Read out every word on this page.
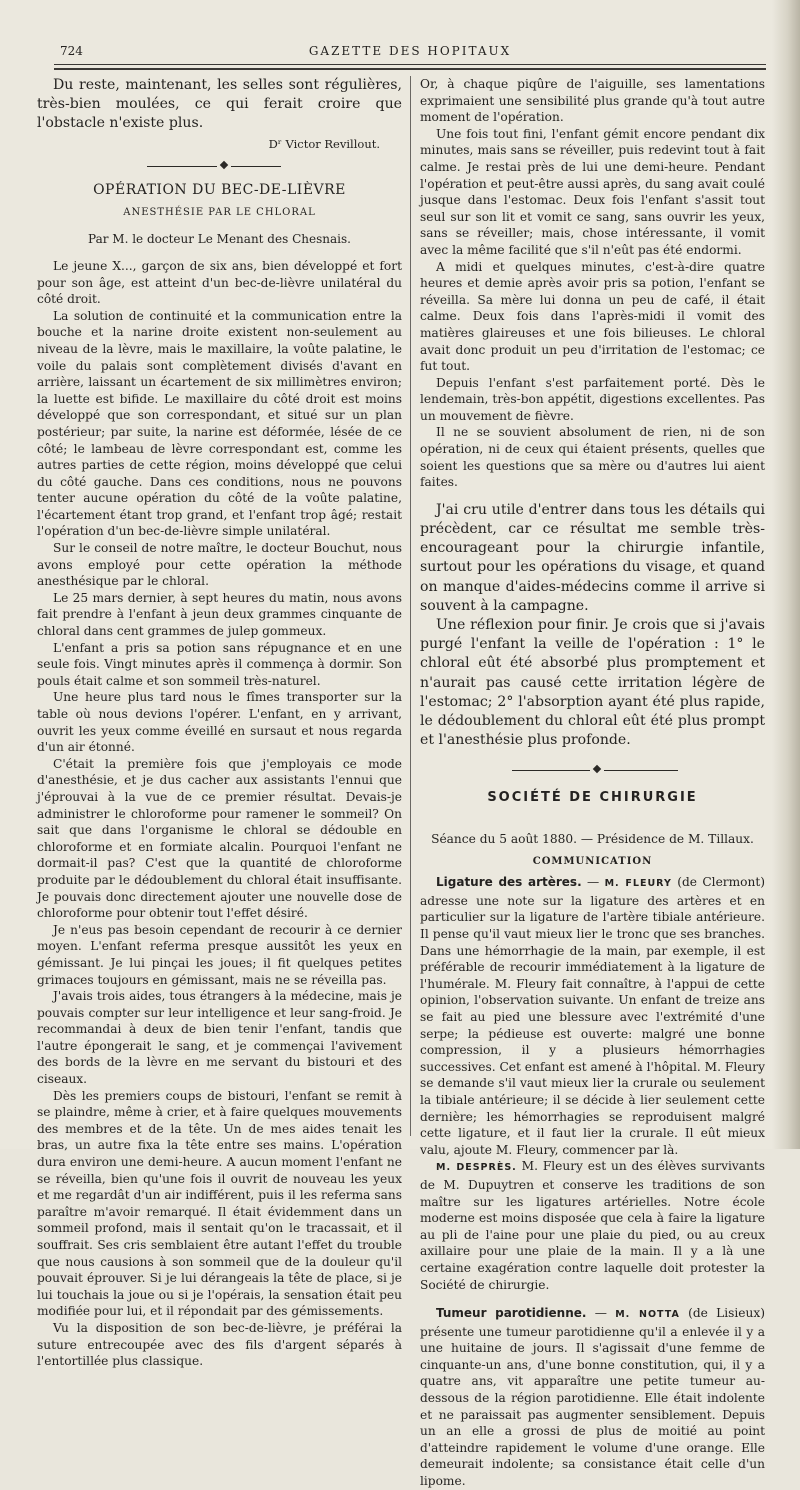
724	GAZETTE DES HOPITAUX

Du reste, maintenant, les selles sont régulières, très-bien moulées, ce qui ferait croire que l'obstacle n'existe plus.

Dʳ Victor Revillout.

OPÉRATION DU BEC-DE-LIÈVRE

ANESTHÉSIE PAR LE CHLORAL

Par M. le docteur Le Menant des Chesnais.

Le jeune X..., garçon de six ans, bien développé et fort pour son âge, est atteint d'un bec-de-lièvre unilatéral du côté droit.

La solution de continuité et la communication entre la bouche et la narine droite existent non-seulement au niveau de la lèvre, mais le maxillaire, la voûte palatine, le voile du palais sont complètement divisés d'avant en arrière, laissant un écartement de six millimètres environ; la luette est bifide. Le maxillaire du côté droit est moins développé que son correspondant, et situé sur un plan postérieur; par suite, la narine est déformée, lésée de ce côté; le lambeau de lèvre correspondant est, comme les autres parties de cette région, moins développé que celui du côté gauche. Dans ces conditions, nous ne pouvons tenter aucune opération du côté de la voûte palatine, l'écartement étant trop grand, et l'enfant trop âgé; restait l'opération d'un bec-de-lièvre simple unilatéral.

Sur le conseil de notre maître, le docteur Bouchut, nous avons employé pour cette opération la méthode anesthésique par le chloral.

Le 25 mars dernier, à sept heures du matin, nous avons fait prendre à l'enfant à jeun deux grammes cinquante de chloral dans cent grammes de julep gommeux.

L'enfant a pris sa potion sans répugnance et en une seule fois. Vingt minutes après il commença à dormir. Son pouls était calme et son sommeil très-naturel.

Une heure plus tard nous le fîmes transporter sur la table où nous devions l'opérer. L'enfant, en y arrivant, ouvrit les yeux comme éveillé en sursaut et nous regarda d'un air étonné.

C'était la première fois que j'employais ce mode d'anesthésie, et je dus cacher aux assistants l'ennui que j'éprouvai à la vue de ce premier résultat. Devais-je administrer le chloroforme pour ramener le sommeil? On sait que dans l'organisme le chloral se dédouble en chloroforme et en formiate alcalin. Pourquoi l'enfant ne dormait-il pas? C'est que la quantité de chloroforme produite par le dédoublement du chloral était insuffisante. Je pouvais donc directement ajouter une nouvelle dose de chloroforme pour obtenir tout l'effet désiré.

Je n'eus pas besoin cependant de recourir à ce dernier moyen. L'enfant referma presque aussitôt les yeux en gémissant. Je lui pinçai les joues; il fit quelques petites grimaces toujours en gémissant, mais ne se réveilla pas.

J'avais trois aides, tous étrangers à la médecine, mais je pouvais compter sur leur intelligence et leur sang-froid. Je recommandai à deux de bien tenir l'enfant, tandis que l'autre épongerait le sang, et je commençai l'avivement des bords de la lèvre en me servant du bistouri et des ciseaux.

Dès les premiers coups de bistouri, l'enfant se remit à se plaindre, même à crier, et à faire quelques mouvements des membres et de la tête. Un de mes aides tenait les bras, un autre fixa la tête entre ses mains. L'opération dura environ une demi-heure. A aucun moment l'enfant ne se réveilla, bien qu'une fois il ouvrit de nouveau les yeux et me regardât d'un air indifférent, puis il les referma sans paraître m'avoir remarqué. Il était évidemment dans un sommeil profond, mais il sentait qu'on le tracassait, et il souffrait. Ses cris semblaient être autant l'effet du trouble que nous causions à son sommeil que de la douleur qu'il pouvait éprouver. Si je lui dérangeais la tête de place, si je lui touchais la joue ou si je l'opérais, la sensation était peu modifiée pour lui, et il répondait par des gémissements.

Vu la disposition de son bec-de-lièvre, je préférai la suture entrecoupée avec des fils d'argent séparés à l'entortillée plus classique.

Or, à chaque piqûre de l'aiguille, ses lamentations exprimaient une sensibilité plus grande qu'à tout autre moment de l'opération.

Une fois tout fini, l'enfant gémit encore pendant dix minutes, mais sans se réveiller, puis redevint tout à fait calme. Je restai près de lui une demi-heure. Pendant l'opération et peut-être aussi après, du sang avait coulé jusque dans l'estomac. Deux fois l'enfant s'assit tout seul sur son lit et vomit ce sang, sans ouvrir les yeux, sans se réveiller; mais, chose intéressante, il vomit avec la même facilité que s'il n'eût pas été endormi.

A midi et quelques minutes, c'est-à-dire quatre heures et demie après avoir pris sa potion, l'enfant se réveilla. Sa mère lui donna un peu de café, il était calme. Deux fois dans l'après-midi il vomit des matières glaireuses et une fois bilieuses. Le chloral avait donc produit un peu d'irritation de l'estomac; ce fut tout.

Depuis l'enfant s'est parfaitement porté. Dès le lendemain, très-bon appétit, digestions excellentes. Pas un mouvement de fièvre.

Il ne se souvient absolument de rien, ni de son opération, ni de ceux qui étaient présents, quelles que soient les questions que sa mère ou d'autres lui aient faites.

J'ai cru utile d'entrer dans tous les détails qui précèdent, car ce résultat me semble très-encourageant pour la chirurgie infantile, surtout pour les opérations du visage, et quand on manque d'aides-médecins comme il arrive si souvent à la campagne.

Une réflexion pour finir. Je crois que si j'avais purgé l'enfant la veille de l'opération : 1° le chloral eût été absorbé plus promptement et n'aurait pas causé cette irritation légère de l'estomac; 2° l'absorption ayant été plus rapide, le dédoublement du chloral eût été plus prompt et l'anesthésie plus profonde.

SOCIÉTÉ DE CHIRURGIE

Séance du 5 août 1880. — Présidence de M. Tillaux.

COMMUNICATION

Ligature des artères. — M. FLEURY (de Clermont) adresse une note sur la ligature des artères et en particulier sur la ligature de l'artère tibiale antérieure. Il pense qu'il vaut mieux lier le tronc que ses branches. Dans une hémorrhagie de la main, par exemple, il est préférable de recourir immédiatement à la ligature de l'humérale. M. Fleury fait connaître, à l'appui de cette opinion, l'observation suivante. Un enfant de treize ans se fait au pied une blessure avec l'extrémité d'une serpe; la pédieuse est ouverte: malgré une bonne compression, il y a plusieurs hémorrhagies successives. Cet enfant est amené à l'hôpital. M. Fleury se demande s'il vaut mieux lier la crurale ou seulement la tibiale antérieure; il se décide à lier seulement cette dernière; les hémorrhagies se reproduisent malgré cette ligature, et il faut lier la crurale. Il eût mieux valu, ajoute M. Fleury, commencer par là.

M. DESPRÈS. M. Fleury est un des élèves survivants de M. Dupuytren et conserve les traditions de son maître sur les ligatures artérielles. Notre école moderne est moins disposée que cela à faire la ligature au pli de l'aine pour une plaie du pied, ou au creux axillaire pour une plaie de la main. Il y a là une certaine exagération contre laquelle doit protester la Société de chirurgie.

Tumeur parotidienne. — M. NOTTA (de Lisieux) présente une tumeur parotidienne qu'il a enlevée il y a une huitaine de jours. Il s'agissait d'une femme de cinquante-un ans, d'une bonne constitution, qui, il y a quatre ans, vit apparaître une petite tumeur au-dessous de la région parotidienne. Elle était indolente et ne paraissait pas augmenter sensiblement. Depuis un an elle a grossi de plus de moitié au point d'atteindre rapidement le volume d'une orange. Elle demeurait indolente; sa consistance était celle d'un lipome.
